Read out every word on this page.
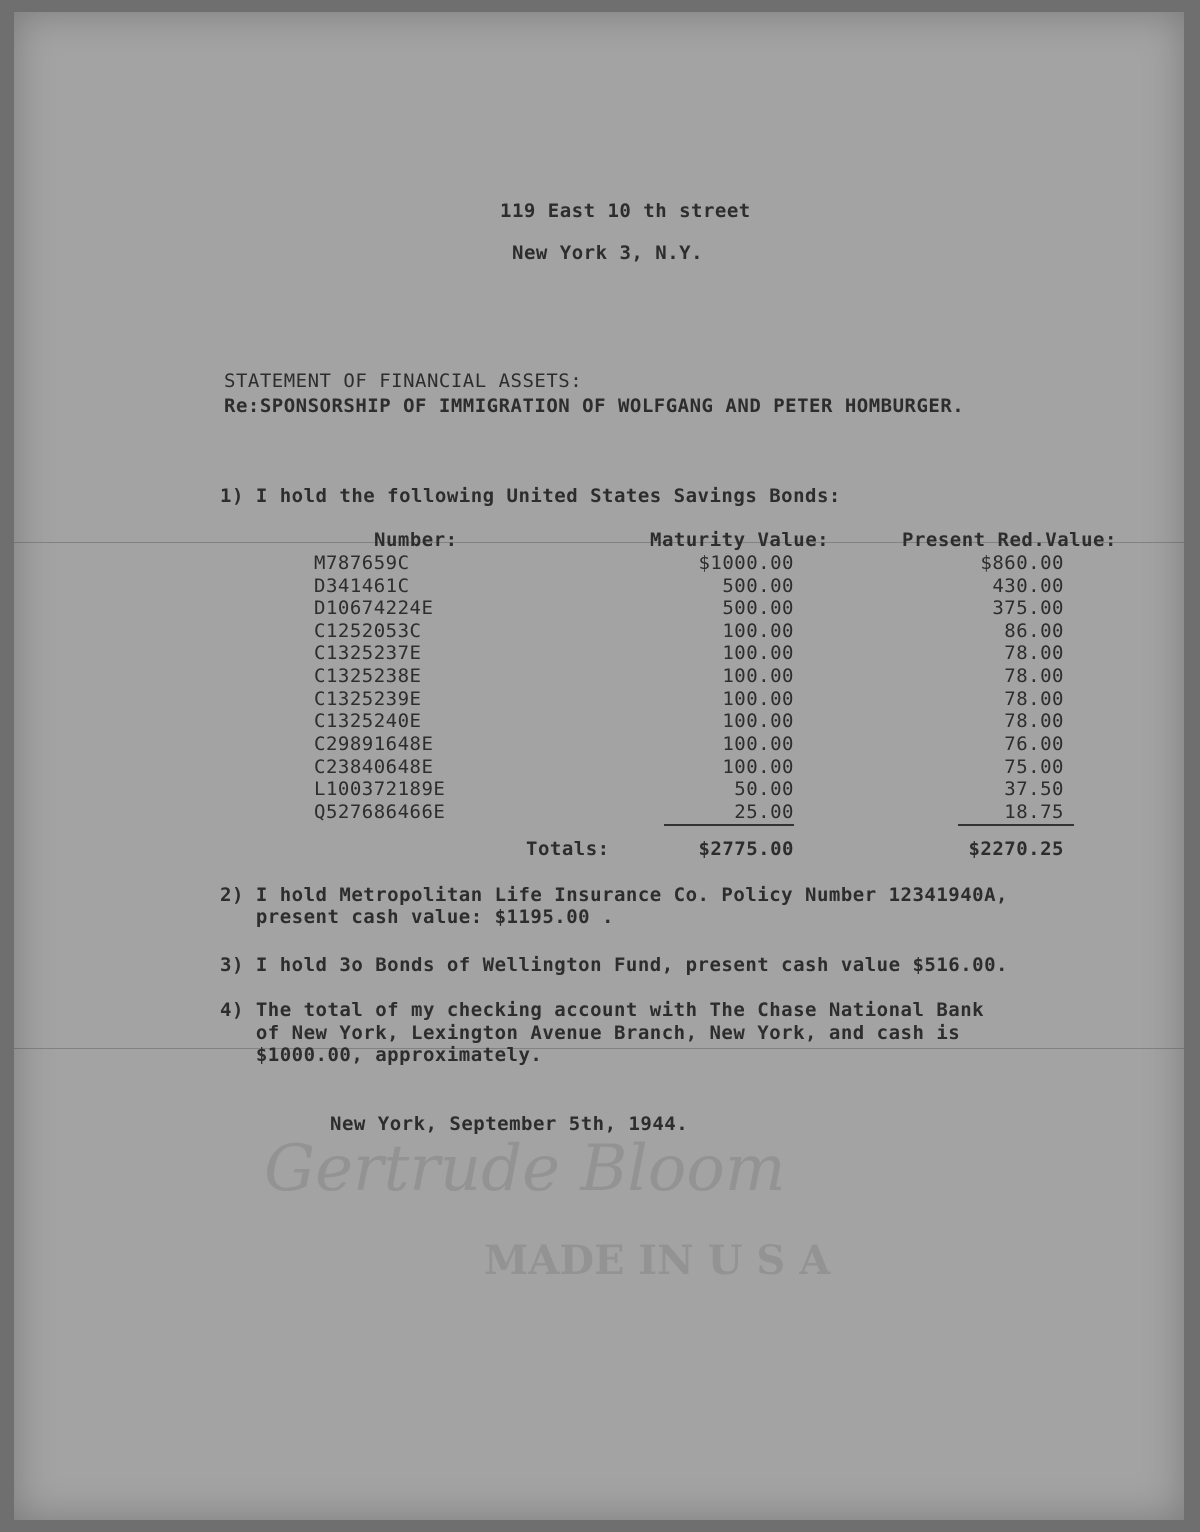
Gertrude Bloom
MADE IN U S A
119 East 10 th street
New York 3, N.Y.
STATEMENT OF FINANCIAL ASSETS:
Re:SPONSORSHIP OF IMMIGRATION OF WOLFGANG AND PETER HOMBURGER.
1) I hold the following United States Savings Bonds:
Number:	Maturity Value:	Present Red.Value:
M787659C	$1000.00	$860.00
D341461C	500.00	430.00
D10674224E	500.00	375.00
C1252053C	100.00	86.00
C1325237E	100.00	78.00
C1325238E	100.00	78.00
C1325239E	100.00	78.00
C1325240E	100.00	78.00
C29891648E	100.00	76.00
C23840648E	100.00	75.00
L100372189E	50.00	37.50
Q527686466E	25.00	18.75
Totals:	$2775.00	$2270.25
2) I hold Metropolitan Life Insurance Co. Policy Number 12341940A,
present cash value: $1195.00 .
3) I hold 3o Bonds of Wellington Fund, present cash value $516.00.
4) The total of my checking account with The Chase National Bank
of New York, Lexington Avenue Branch, New York, and cash is
$1000.00, approximately.
New York, September 5th, 1944.
